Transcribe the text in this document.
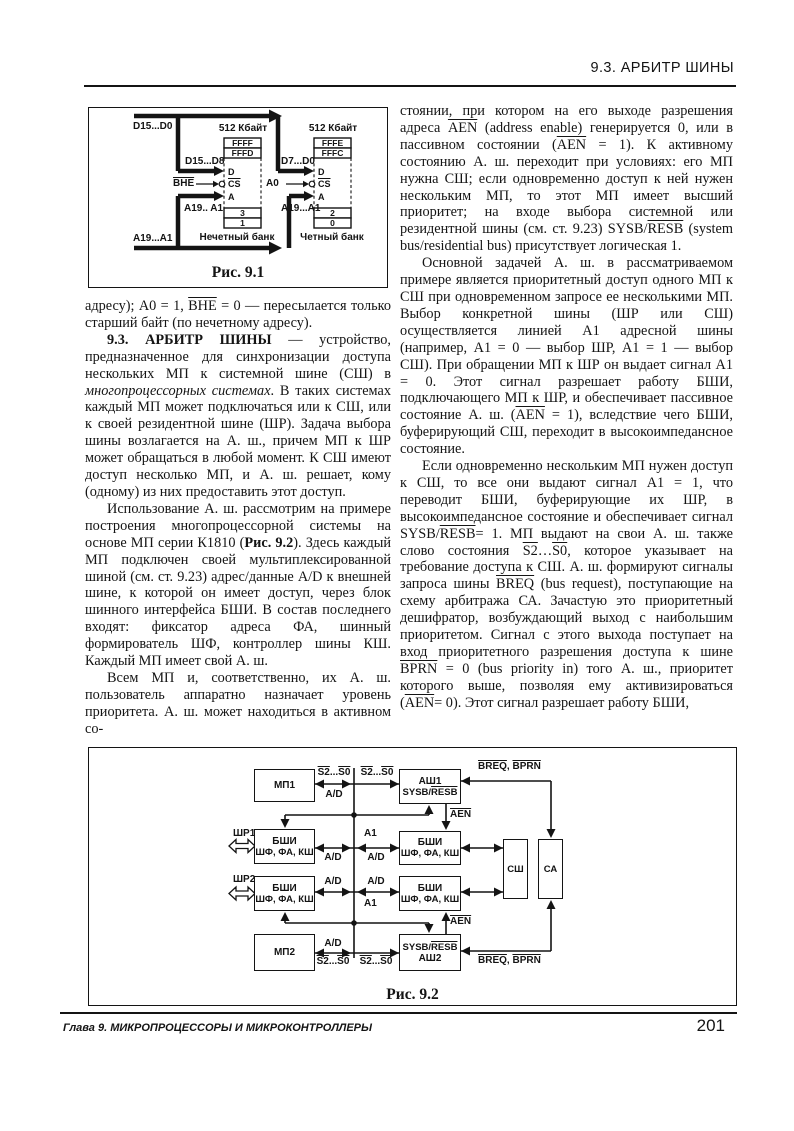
9.3. АРБИТР ШИНЫ
D15...D0
A19...A1
512 Кбайт	512 Кбайт
D15...D8
$\overline{BHE}$
A19.. A1
D7...D0
A0
A19...A1
D
$\overline{CS}$
A
D
$\overline{CS}$
A
FFFF
FFFD
3
1
FFFE
FFFC
2
0
Нечетный банк	Четный банк
Рис. 9.1

адресу); А0 = 1, $\overline{BHE} = 0$ — пересылается только старший байт (по нечетному адресу).

9.3. АРБИТР ШИНЫ — устройство, предназначенное для синхронизации доступа нескольких МП к системной шине (СШ) в многопроцессорных системах. В таких системах каждый МП может подключаться или к СШ, или к своей резидентной шине (ШР). Задача выбора шины возлагается на А. ш., причем МП к ШР может обращаться в любой момент. К СШ имеют доступ несколько МП, и А. ш. решает, кому (одному) из них предоставить этот доступ.

Использование А. ш. рассмотрим на примере построения многопроцессорной системы на основе МП серии К1810 (Рис. 9.2). Здесь каждый МП подключен своей мультиплексированной шиной (см. ст. 9.23) адрес/данные A/D к внешней шине, к которой он имеет доступ, через блок шинного интерфейса БШИ. В состав последнего входят: фиксатор адреса ФА, шинный формирователь ШФ, контроллер шины КШ. Каждый МП имеет свой А. ш.

Всем МП и, соответственно, их А. ш. пользователь аппаратно назначает уровень приоритета. А. ш. может находиться в активном со-

стоянии, при котором на его выходе разрешения адреса $\overline{AEN}$ (address enable) генерируется 0, или в пассивном состоянии $(\overline{AEN} = 1)$. К активному состоянию А. ш. переходит при условиях: его МП нужна СШ; если одновременно доступ к ней нужен нескольким МП, то этот МП имеет высший приоритет; на входе выбора системной или резидентной шины (см. ст. 9.23) SYSB/RESB (system bus/residential bus) присутствует логическая 1.

Основной задачей А. ш. в рассматриваемом примере является приоритетный доступ одного МП к СШ при одновременном запросе ее несколькими МП. Выбор конкретной шины (ШР или СШ) осуществляется линией А1 адресной шины (например, А1 = 0 — выбор ШР, А1 = 1 — выбор СШ). При обращении МП к ШР он выдает сигнал А1 = 0. Этот сигнал разрешает работу БШИ, подключающего МП к ШР, и обеспечивает пассивное состояние А. ш. $(\overline{AEN} = 1)$, вследствие чего БШИ, буферирующий СШ, переходит в высокоимпедансное состояние.

Если одновременно нескольким МП нужен доступ к СШ, то все они выдают сигнал А1 = 1, что переводит БШИ, буферирующие их ШР, в высокоимпедансное состояние и обеспечивает сигнал SYSB/RESB= 1. МП выдают на свои А. ш. также слово состояния S2…S0, которое указывает на требование доступа к СШ. А. ш. формируют сигналы запроса шины BREQ (bus request), поступающие на схему арбитража СА. Зачастую это приоритетный дешифратор, возбуждающий выход с наибольшим приоритетом. Сигнал с этого выхода поступает на вход приоритетного разрешения доступа к шине BPRN = 0 (bus priority in) того А. ш., приоритет которого выше, позволяя ему активизироваться $(\overline{AEN}= 0)$. Этот сигнал разрешает работу БШИ,

МП1	АШ1
SYSB/RESB
БШИ
ШФ, ФА, КШ
БШИ
ШФ, ФА, КШ
СШ СА
БШИ
ШФ, ФА, КШ
БШИ
ШФ, ФА, КШ
МП2	SYSB/RESB
АШ2
S2...S0 S2...S0
A/D
A1
$\overline{AEN}$
BREQ, BPRN
ШР1
A/D	A/D
ШР2	A/D	A/D
A1
$\overline{AEN}$
A/D
S2...S0 S2...S0	BREQ, BPRN
Рис. 9.2
Глава 9. МИКРОПРОЦЕССОРЫ И МИКРОКОНТРОЛЛЕРЫ	201
